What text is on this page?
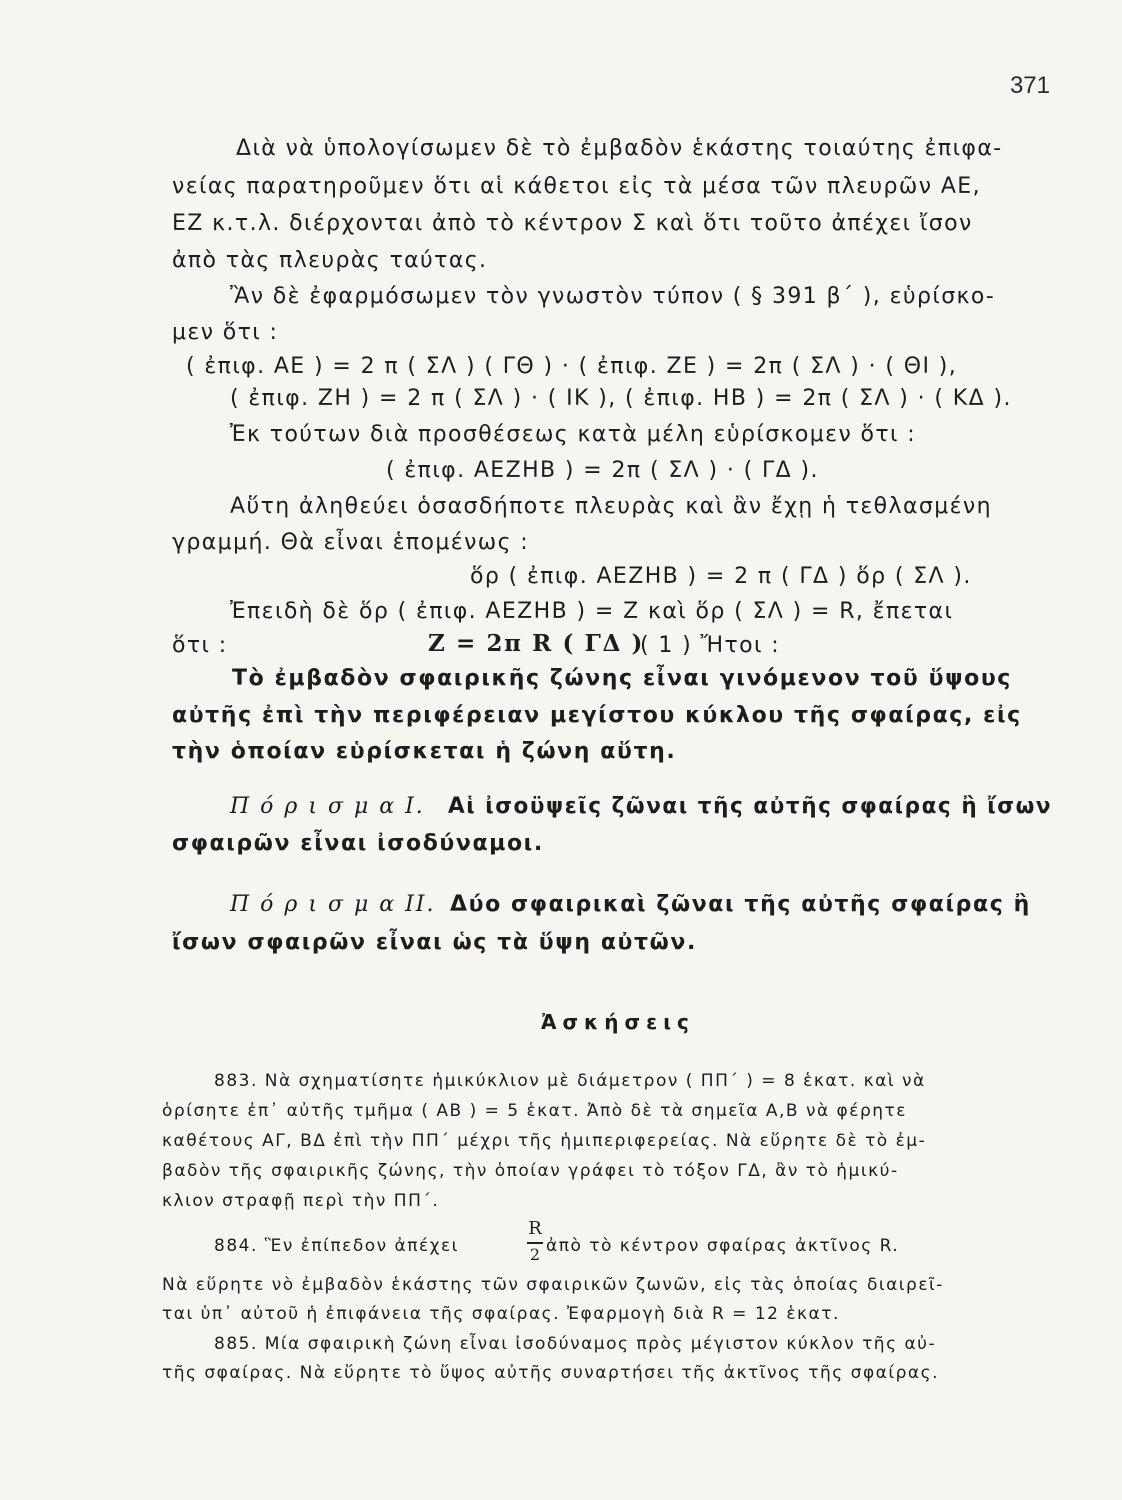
371
Διὰ νὰ ὑπολογίσωμεν δὲ τὸ ἐμβαδὸν ἑκάστης τοιαύτης ἐπιφα-
νείας παρατηροῦμεν ὅτι αἱ κάθετοι εἰς τὰ μέσα τῶν πλευρῶν ΑΕ,
ΕΖ κ.τ.λ. διέρχονται ἀπὸ τὸ κέντρον Σ καὶ ὅτι τοῦτο ἀπέχει ἴσον
ἀπὸ τὰς πλευρὰς ταύτας.
Ἂν δὲ ἐφαρμόσωμεν τὸν γνωστὸν τύπον ( § 391 β΄ ), εὑρίσκο-
μεν ὅτι :
( ἐπιφ. ΑΕ ) = 2 π ( ΣΛ ) ( ΓΘ ) · ( ἐπιφ. ΖΕ ) = 2π ( ΣΛ ) · ( ΘΙ ),
( ἐπιφ. ΖΗ ) = 2 π ( ΣΛ ) · ( ΙΚ ), ( ἐπιφ. ΗΒ ) = 2π ( ΣΛ ) · ( ΚΔ ).
Ἐκ τούτων διὰ προσθέσεως κατὰ μέλη εὑρίσκομεν ὅτι :
( ἐπιφ. ΑΕΖΗΒ ) = 2π ( ΣΛ ) · ( ΓΔ ).
Αὕτη ἀληθεύει ὁσασδήποτε πλευρὰς καὶ ἂν ἔχῃ ἡ τεθλασμένη
γραμμή. Θὰ εἶναι ἑπομένως :
ὅρ ( ἐπιφ. ΑΕΖΗΒ ) = 2 π ( ΓΔ ) ὅρ ( ΣΛ ).
Ἐπειδὴ δὲ ὅρ ( ἐπιφ. ΑΕΖΗΒ ) = Ζ καὶ ὅρ ( ΣΛ ) = R, ἔπεται
ὅτι :	Ζ = 2π R ( ΓΔ )
( 1 ) Ἤτοι :
Τὸ ἐμβαδὸν σφαιρικῆς ζώνης εἶναι γινόμενον τοῦ ὕψους
αὐτῆς ἐπὶ τὴν περιφέρειαν μεγίστου κύκλου τῆς σφαίρας, εἰς
τὴν ὁποίαν εὑρίσκεται ἡ ζώνη αὕτη.
Π ό ρ ι σ μ α Ι. Αἱ ἰσοϋψεῖς ζῶναι τῆς αὐτῆς σφαίρας ἢ ἴσων
σφαιρῶν εἶναι ἰσοδύναμοι.
Π ό ρ ι σ μ α ΙΙ. Δύο σφαιρικαὶ ζῶναι τῆς αὐτῆς σφαίρας ἢ
ἴσων σφαιρῶν εἶναι ὡς τὰ ὕψη αὐτῶν.
Ἀσκήσεις
883. Νὰ σχηματίσητε ἡμικύκλιον μὲ διάμετρον ( ΠΠ΄ ) = 8 ἑκατ. καὶ νὰ
ὁρίσητε ἐπ᾽ αὐτῆς τμῆμα ( ΑΒ ) = 5 ἑκατ. Ἀπὸ δὲ τὰ σημεῖα Α,Β νὰ φέρητε
καθέτους ΑΓ, ΒΔ ἐπὶ τὴν ΠΠ΄ μέχρι τῆς ἡμιπεριφερείας. Νὰ εὕρητε δὲ τὸ ἐμ-
βαδὸν τῆς σφαιρικῆς ζώνης, τὴν ὁποίαν γράφει τὸ τόξον ΓΔ, ἂν τὸ ἡμικύ-
κλιον στραφῇ περὶ τὴν ΠΠ΄.
884. Ἓν ἐπίπεδον ἀπέχει
R
2 ἀπὸ τὸ κέντρον σφαίρας ἀκτῖνος R.
Νὰ εὕρητε νὸ ἐμβαδὸν ἑκάστης τῶν σφαιρικῶν ζωνῶν, εἰς τὰς ὁποίας διαιρεῖ-
ται ὑπ᾽ αὐτοῦ ἡ ἐπιφάνεια τῆς σφαίρας. Ἐφαρμογὴ διὰ R = 12 ἑκατ.
885. Μία σφαιρικὴ ζώνη εἶναι ἰσοδύναμος πρὸς μέγιστον κύκλον τῆς αὐ-
τῆς σφαίρας. Νὰ εὕρητε τὸ ὕψος αὐτῆς συναρτήσει τῆς ἀκτῖνος τῆς σφαίρας.
